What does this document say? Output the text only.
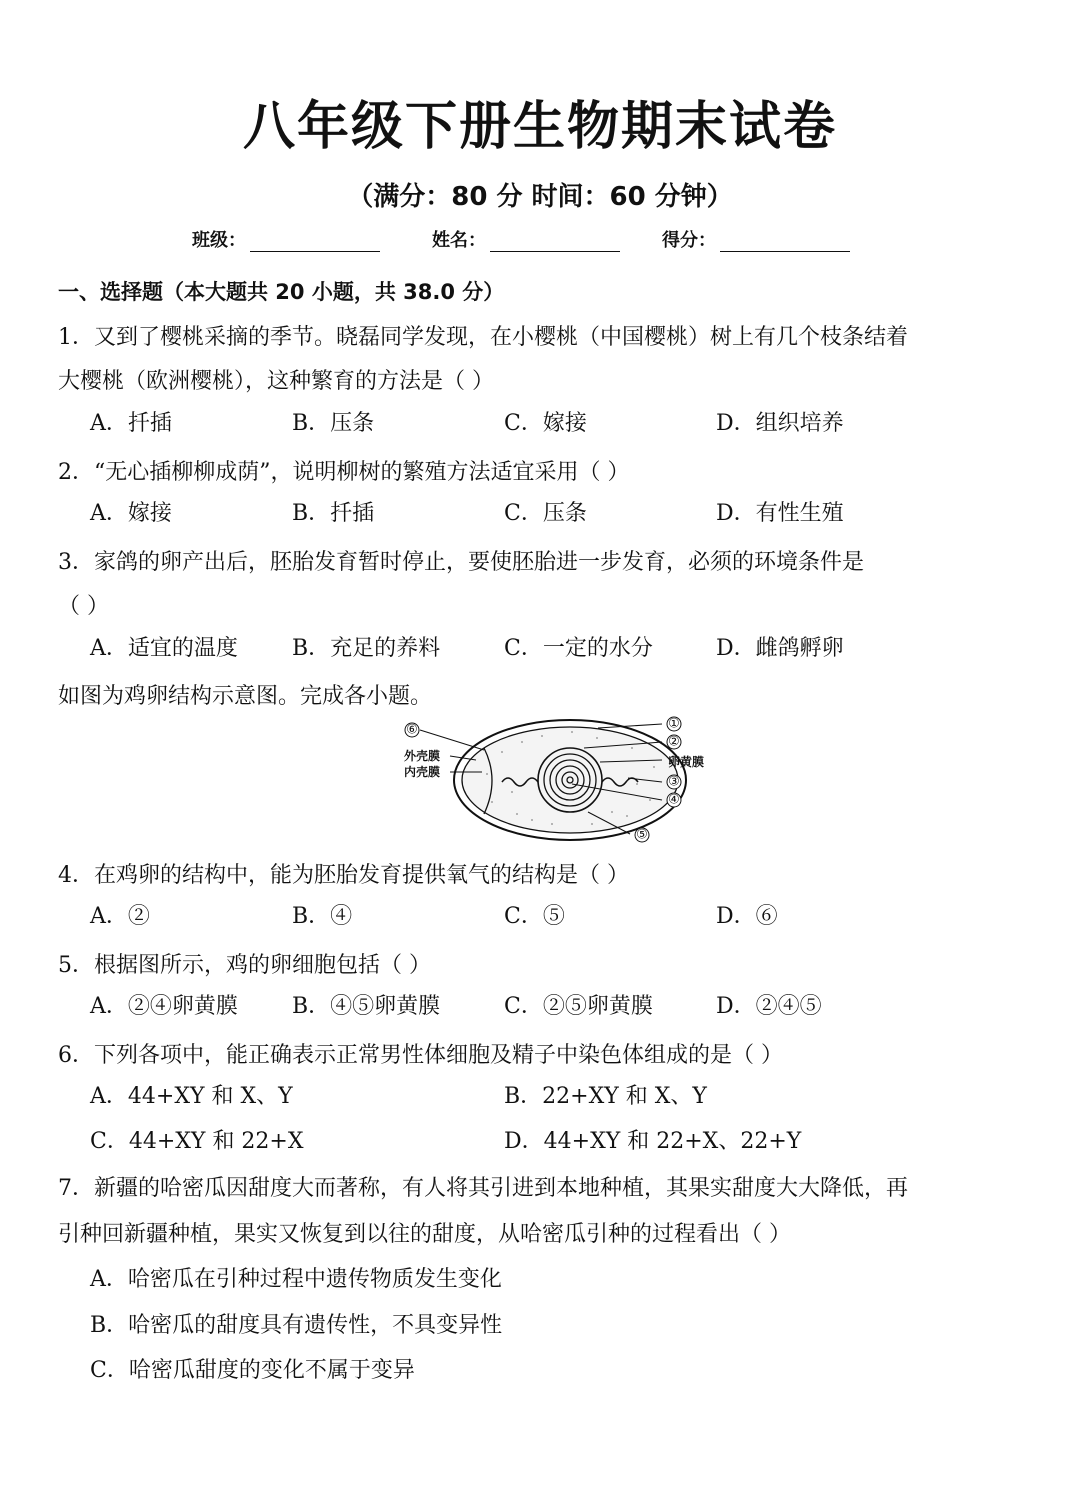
八年级下册生物期末试卷
（满分：80 分 时间：60 分钟）
班级：	姓名：	得分：
一、选择题（本大题共 20 小题，共 38.0 分）
1．又到了樱桃采摘的季节。晓磊同学发现，在小樱桃（中国樱桃）树上有几个枝条结着
大樱桃（欧洲樱桃），这种繁育的方法是（ ）
A．扦插	B．压条	C．嫁接	D．组织培养
2．“无心插柳柳成荫”，说明柳树的繁殖方法适宜采用（ ）
A．嫁接	B．扦插	C．压条	D．有性生殖
3．家鸽的卵产出后，胚胎发育暂时停止，要使胚胎进一步发育，必须的环境条件是
（ ）
A．适宜的温度 B．充足的养料	C．一定的水分	D．雌鸽孵卵
如图为鸡卵结构示意图。完成各小题。
⑥	①
②
③
④
⑤
外壳膜
内壳膜
卵黄膜
4．在鸡卵的结构中，能为胚胎发育提供氧气的结构是（ ）
A．②	B．④	C．⑤	D．⑥
5．根据图所示，鸡的卵细胞包括（ ）
A．②④卵黄膜 B．④⑤卵黄膜	C．②⑤卵黄膜	D．②④⑤
6．下列各项中，能正确表示正常男性体细胞及精子中染色体组成的是（ ）
A．44+XY 和 X、Y	B．22+XY 和 X、Y
C．44+XY 和 22+X	D．44+XY 和 22+X、22+Y
7．新疆的哈密瓜因甜度大而著称，有人将其引进到本地种植，其果实甜度大大降低，再
引种回新疆种植，果实又恢复到以往的甜度，从哈密瓜引种的过程看出（ ）
A．哈密瓜在引种过程中遗传物质发生变化
B．哈密瓜的甜度具有遗传性，不具变异性
C．哈密瓜甜度的变化不属于变异
